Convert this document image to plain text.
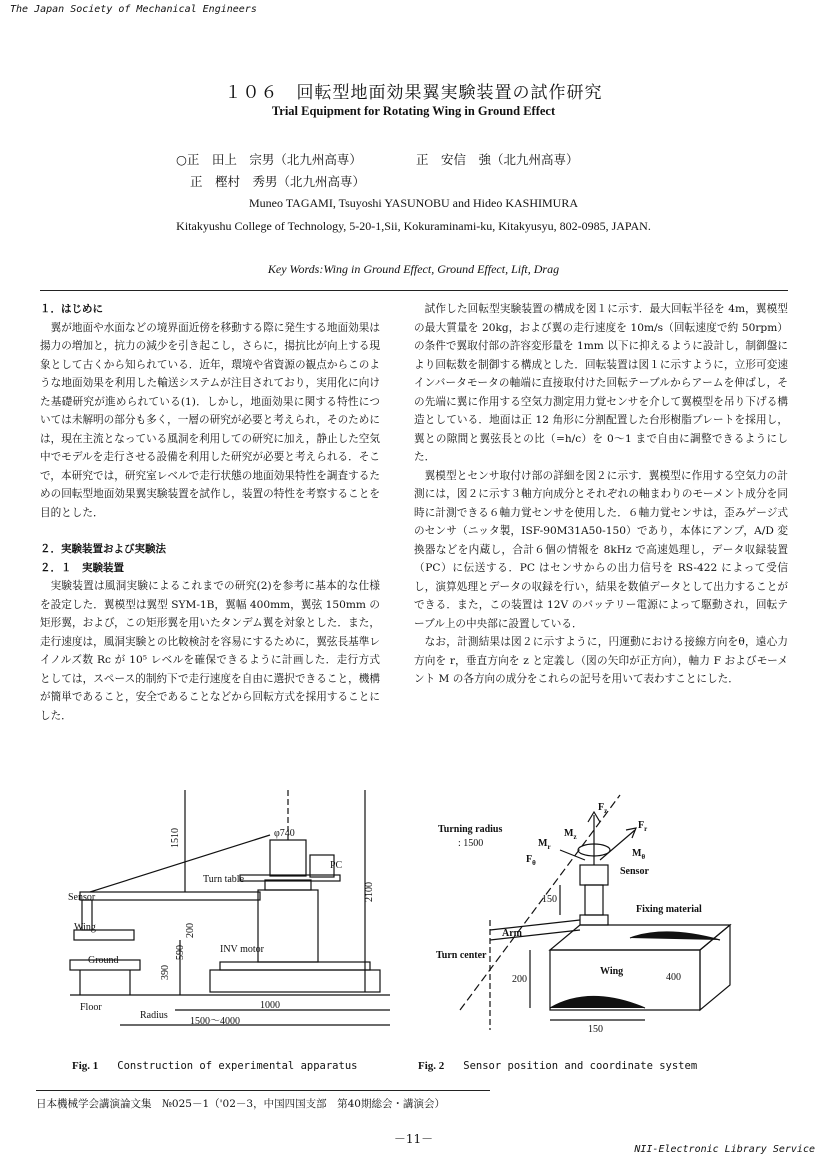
The Japan Society of Mechanical Engineers
１０６　回転型地面効果翼実験装置の試作研究
Trial Equipment for Rotating Wing in Ground Effect
○正　田上　宗男（北九州高専）	正　安信　強（北九州高専）
正　樫村　秀男（北九州高専）
Muneo TAGAMI, Tsuyoshi YASUNOBU and Hideo KASHIMURA
Kitakyushu College of Technology, 5-20-1,Sii, Kokuraminami-ku, Kitakyusyu, 802-0985, JAPAN.
Key Words:Wing in Ground Effect, Ground Effect, Lift, Drag

１．はじめに

翼が地面や水面などの境界面近傍を移動する際に発生する地面効果は揚力の増加と，抗力の減少を引き起こし，さらに，揚抗比が向上する現象として古くから知られている．近年，環境や省資源の観点からこのような地面効果を利用した輸送システムが注目されており，実用化に向けた基礎研究が進められている(1)．しかし，地面効果に関する特性については未解明の部分も多く，一層の研究が必要と考えられ，そのためには，現在主流となっている風洞を利用しての研究に加え，静止した空気中でモデルを走行させる設備を利用した研究が必要と考えられる．そこで，本研究では，研究室レベルで走行状態の地面効果特性を調査するための回転型地面効果翼実験装置を試作し，装置の特性を考察することを目的とした．

２．実験装置および実験法

２．１　実験装置

実験装置は風洞実験によるこれまでの研究(2)を参考に基本的な仕様を設定した．翼模型は翼型 SYM-1B，翼幅 400mm，翼弦 150mm の矩形翼，および，この矩形翼を用いたタンデム翼を対象とした．また，走行速度は，風洞実験との比較検討を容易にするために，翼弦長基準レイノルズ数 Rc が 10⁵ レベルを確保できるように計画した．走行方式としては，スペース的制約下で走行速度を自由に選択できること，機構が簡単であること，安全であることなどから回転方式を採用することにした．

試作した回転型実験装置の構成を図１に示す．最大回転半径を 4m，翼模型の最大質量を 20kg，および翼の走行速度を 10m/s（回転速度で約 50rpm）の条件で翼取付部の許容変形量を 1mm 以下に抑えるように設計し，制御盤により回転数を制御する構成とした．回転装置は図１に示すように，立形可変速インバータモータの軸端に直接取付けた回転テーブルからアームを伸ばし，その先端に翼に作用する空気力測定用力覚センサを介して翼模型を吊り下げる構造としている．地面は正 12 角形に分割配置した台形樹脂プレートを採用し，翼との隙間と翼弦長との比（=h/c）を 0～1 まで自由に調整できるようにした．

翼模型とセンサ取付け部の詳細を図２に示す．翼模型に作用する空気力の計測には，図２に示す３軸方向成分とそれぞれの軸まわりのモーメント成分を同時に計測できる６軸力覚センサを使用した．６軸力覚センサは，歪みゲージ式のセンサ（ニッタ製，ISF-90M31A50-150）であり，本体にアンプ，A/D 変換器などを内蔵し，合計６個の情報を 8kHz で高速処理し，データ収録装置（PC）に伝送する．PC はセンサからの出力信号を RS-422 によって受信し，演算処理とデータの収録を行い，結果を数値データとして出力することができる．また，この装置は 12V のバッテリー電源によって駆動され，回転テーブル上の中央部に設置している．

なお，計測結果は図２に示すように，円運動における接線方向をθ，遠心力方向を r，垂直方向を z と定義し（図の矢印が正方向），軸力 F およびモーメント M の各方向の成分をこれらの記号を用いて表わすことにした．

φ740
PC
Turn table
Sensor
Wing
Ground
INV motor
Floor
Radius
1000
1500～4000
1510
2100
200
390
590
Turning radius
: 1500
$F_z$
$M_z$
$F_r$
$M_r$
$F_\theta$
$M_\theta$
Sensor
Fixing material
Arm
Turn center
Wing
150
200	400
150
Fig. 1 Construction of experimental apparatus	Fig. 2 Sensor position and coordinate system
日本機械学会講演論文集　№025－1（'02－3，中国四国支部　第40期総会・講演会）
－11－
NII-Electronic Library Service
